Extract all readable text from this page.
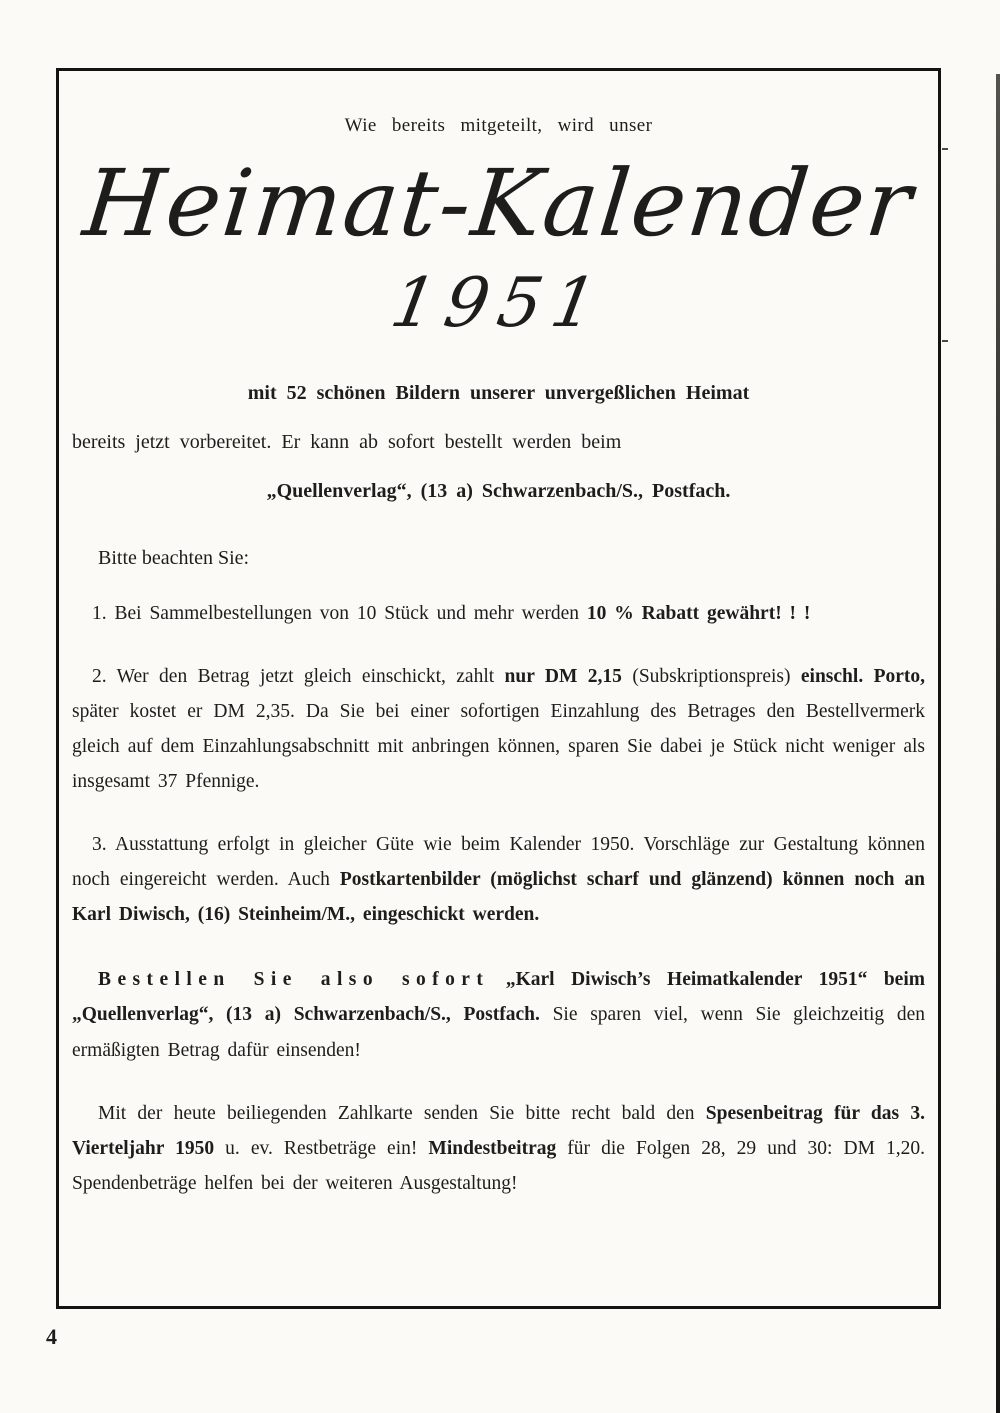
Wie bereits mitgeteilt, wird unser

Heimat-Kalender
1951

mit 52 schönen Bildern unserer unvergeßlichen Heimat

bereits jetzt vorbereitet. Er kann ab sofort bestellt werden beim

„Quellenverlag“, (13 a) Schwarzenbach/S., Postfach.

Bitte beachten Sie:

1. Bei Sammelbestellungen von 10 Stück und mehr werden 10 % Rabatt gewährt! ! !

2. Wer den Betrag jetzt gleich einschickt, zahlt nur DM 2,15 (Subskriptionspreis) einschl. Porto, später kostet er DM 2,35. Da Sie bei einer sofortigen Einzahlung des Betrages den Bestellvermerk gleich auf dem Einzahlungsabschnitt mit anbringen können, sparen Sie dabei je Stück nicht weniger als insgesamt 37 Pfennige.

3. Ausstattung erfolgt in gleicher Güte wie beim Kalender 1950. Vorschläge zur Gestaltung können noch eingereicht werden. Auch Postkartenbilder (möglichst scharf und glänzend) können noch an Karl Diwisch, (16) Steinheim/M., eingeschickt werden.

Bestellen Sie also sofort „Karl Diwisch’s Heimatkalender 1951“ beim „Quellenverlag“, (13 a) Schwarzenbach/S., Postfach. Sie sparen viel, wenn Sie gleichzeitig den ermäßigten Betrag dafür einsenden!

Mit der heute beiliegenden Zahlkarte senden Sie bitte recht bald den Spesenbeitrag für das 3. Vierteljahr 1950 u. ev. Restbeträge ein! Mindestbeitrag für die Folgen 28, 29 und 30: DM 1,20. Spendenbeträge helfen bei der weiteren Ausgestaltung!

4
